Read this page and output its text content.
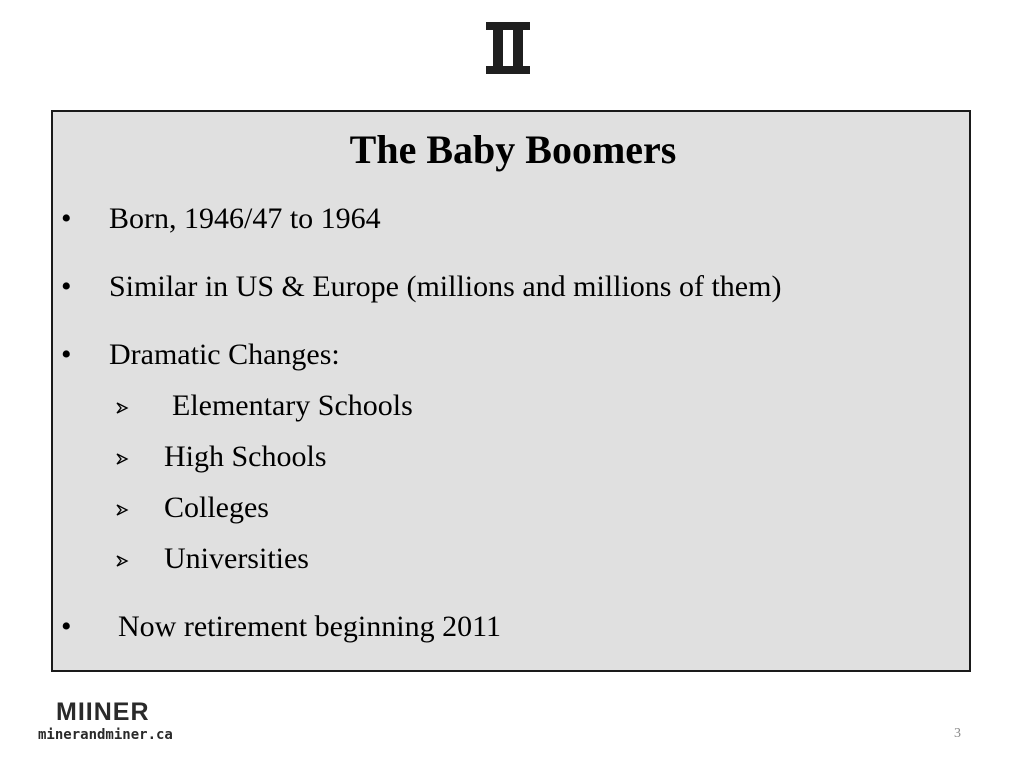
The Baby Boomers
• Born, 1946/47 to 1964
• Similar in US & Europe (millions and millions of them)
• Dramatic Changes:
Elementary Schools
High Schools
Colleges
Universities
• Now retirement beginning 2011
MIINER
minerandminer.ca	3
